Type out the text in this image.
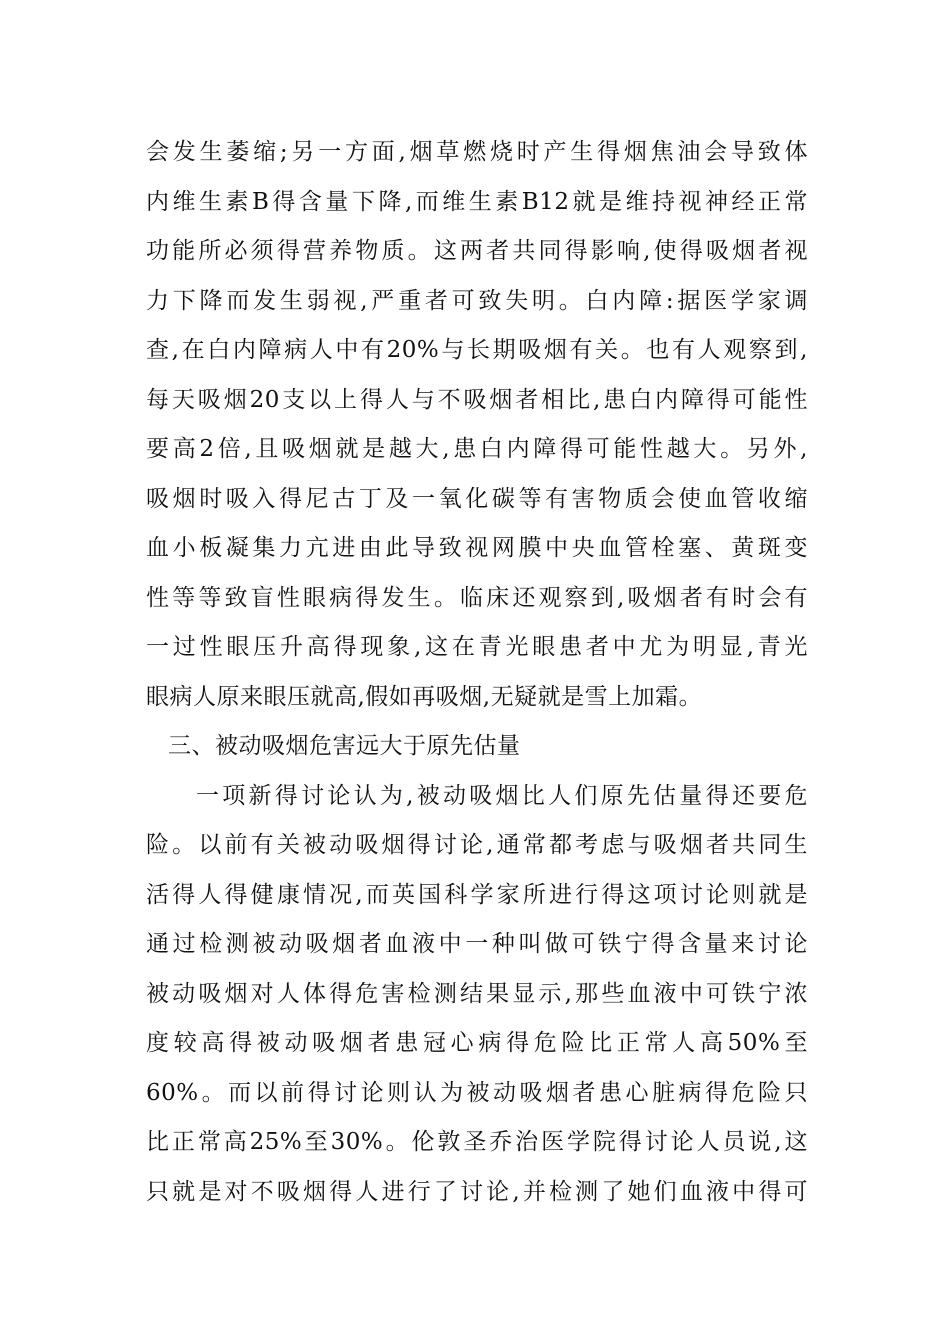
会发生萎缩;另一方面,烟草燃烧时产生得烟焦油会导致体
内维生素B得含量下降,而维生素B12就是维持视神经正常
功能所必须得营养物质。这两者共同得影响,使得吸烟者视
力下降而发生弱视,严重者可致失明。白内障:据医学家调
查,在白内障病人中有20%与长期吸烟有关。也有人观察到,
每天吸烟20支以上得人与不吸烟者相比,患白内障得可能性
要高2倍,且吸烟就是越大,患白内障得可能性越大。另外,
吸烟时吸入得尼古丁及一氧化碳等有害物质会使血管收缩
血小板凝集力亢进由此导致视网膜中央血管栓塞、黄斑变
性等等致盲性眼病得发生。临床还观察到,吸烟者有时会有
一过性眼压升高得现象,这在青光眼患者中尤为明显,青光
眼病人原来眼压就高,假如再吸烟,无疑就是雪上加霜。
三、被动吸烟危害远大于原先估量
一项新得讨论认为,被动吸烟比人们原先估量得还要危
险。以前有关被动吸烟得讨论,通常都考虑与吸烟者共同生
活得人得健康情况,而英国科学家所进行得这项讨论则就是
通过检测被动吸烟者血液中一种叫做可铁宁得含量来讨论
被动吸烟对人体得危害检测结果显示,那些血液中可铁宁浓
度较高得被动吸烟者患冠心病得危险比正常人高50%至
60%。而以前得讨论则认为被动吸烟者患心脏病得危险只
比正常高25%至30%。伦敦圣乔治医学院得讨论人员说,这
只就是对不吸烟得人进行了讨论,并检测了她们血液中得可
